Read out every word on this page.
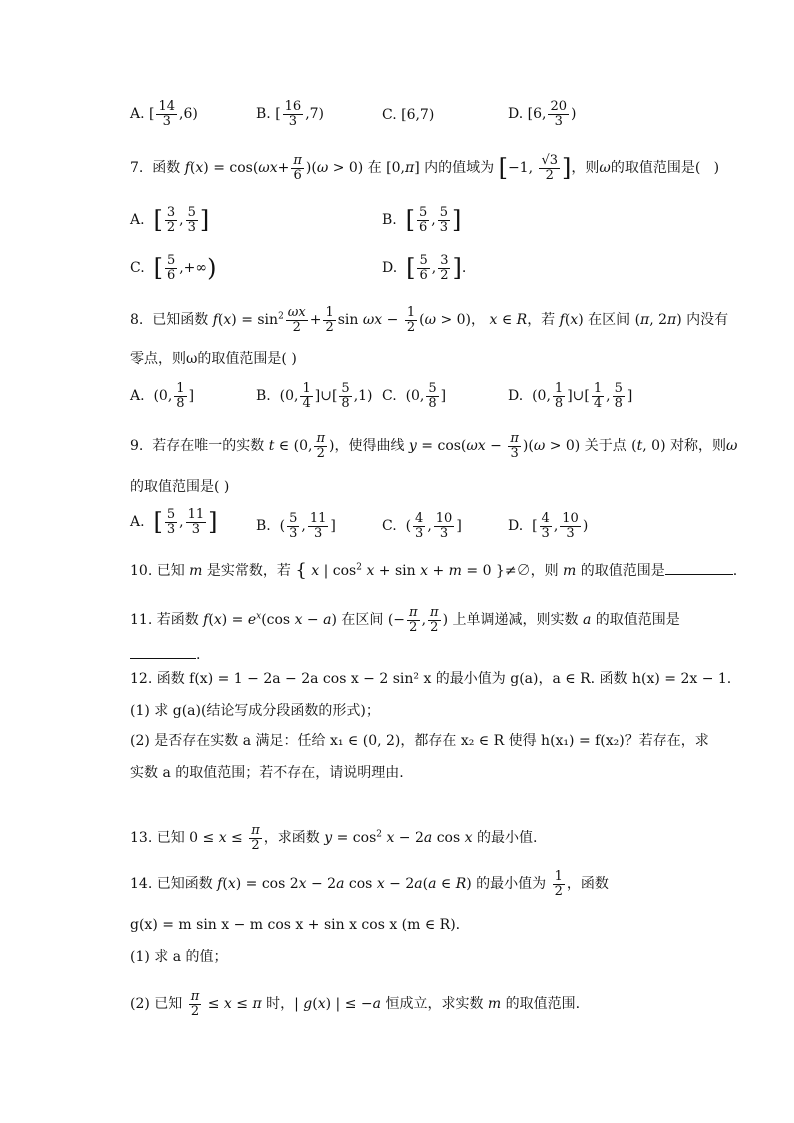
A. [ $\frac{14}{3} ,6$)	B. [ $\frac{16}{3} ,7$)	C. [6,7)	D. [6, $\frac{20}{3}$ )
7.  函数 $f(x) = \cos(\omega x+ \frac{\pi}{6} )(\omega > 0)$ 在 [0,π] 内的值域为 [−1, $\frac{√3}{2}$ ]，则ω的取值范围是(   )
A.  [ $\frac{3}{2}$ , $\frac{5}{3}$ ]	B.  [ $\frac{5}{6}$ , $\frac{5}{3}$ ]
C.  [ $\frac{5}{6}$ ,+∞)	D.  [ $\frac{5}{6}$ , $\frac{3}{2}$ ].
8.  已知函数 $f(x) = \sin^2 \frac{\omega x}{2} + \frac{1}{2}$ $\sin \omega x - \frac{1}{2} (\omega > 0)$， x ∈ R，若 f(x) 在区间 (π, 2π) 内没有
零点，则ω的取值范围是( )
A.  (0, $\frac{1}{8}$ ]	B.  (0, $\frac{1}{4}$ ]∪[ $\frac{5}{8} ,1$) C.  (0, $\frac{5}{8}$ ]	D.  (0, $\frac{1}{8}$ ]∪[ $\frac{1}{4}$ , $\frac{5}{8}$ ]
9.  若存在唯一的实数 t ∈ (0, $\frac{\pi}{2}$ )，使得曲线 $y = \cos(\omega x - \frac{\pi}{3} )(\omega > 0)$ 关于点 (t, 0) 对称，则ω
的取值范围是( )
A.  [ $\frac{5}{3}$ , $\frac{11}{3}$ ]	B.  ( $\frac{5}{3}$ , $\frac{11}{3}$ ]	C.  ( $\frac{4}{3}$ , $\frac{10}{3}$ ]	D.  [ $\frac{4}{3}$ , $\frac{10}{3}$ )
10. 已知 m 是实常数，若 { x | $\cos^2 x + \sin x + m = 0$ }≠∅，则 m 的取值范围是	.
11. 若函数 $f(x) = e^x(\cos$ x − a) 在区间 (− $\frac{\pi}{2}$ , $\frac{\pi}{2}$ ) 上单调递减，则实数 a 的取值范围是
.
12. 函数 f(x) = 1 − 2a − 2a cos x − 2 sin² x 的最小值为 g(a)，a ∈ R. 函数 h(x) = 2x − 1.
(1) 求 g(a)(结论写成分段函数的形式)；
(2) 是否存在实数 a 满足：任给 x₁ ∈ (0, 2)，都存在 x₂ ∈ R 使得 h(x₁) = f(x₂)？若存在，求
实数 a 的取值范围；若不存在，请说明理由.
13. 已知 $0 \le x \le \frac{\pi}{2}$ ，求函数 $y = \cos^2 x - 2a$ cos x 的最小值.
14. 已知函数 f(x) = cos 2x − 2a cos x − 2a(a ∈ R) 的最小值为 $\frac{1}{2}$ ，函数
g(x) = m sin x − m cos x + sin x cos x (m ∈ R).
(1) 求 a 的值；
(2) 已知 $\frac{\pi}{2} \le x \le \pi$ 时，| g(x) | ≤ −a 恒成立，求实数 m 的取值范围.
